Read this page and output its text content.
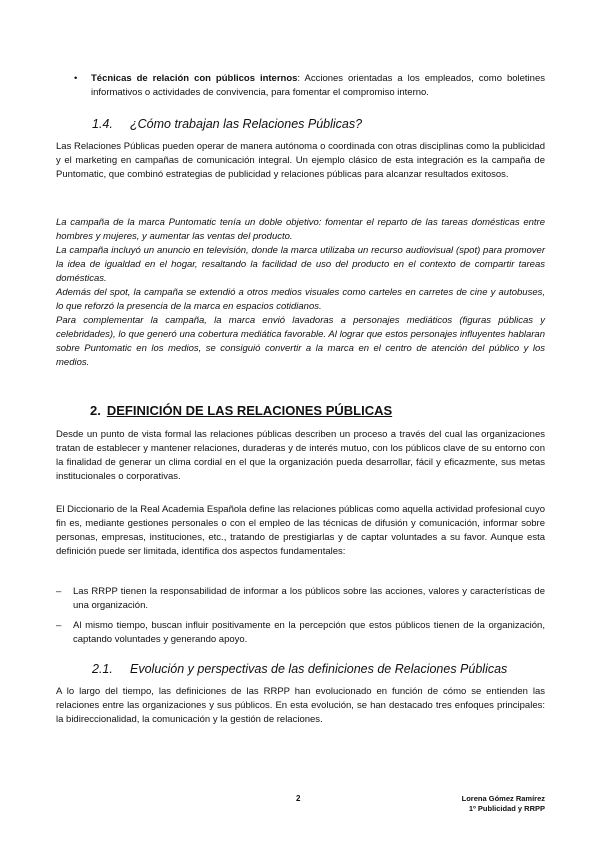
• Técnicas de relación con públicos internos: Acciones orientadas a los empleados, como boletines informativos o actividades de convivencia, para fomentar el compromiso interno.
1.4. ¿Cómo trabajan las Relaciones Públicas?

Las Relaciones Públicas pueden operar de manera autónoma o coordinada con otras disciplinas como la publicidad y el marketing en campañas de comunicación integral. Un ejemplo clásico de esta integración es la campaña de Puntomatic, que combinó estrategias de publicidad y relaciones públicas para alcanzar resultados exitosos.

La campaña de la marca Puntomatic tenía un doble objetivo: fomentar el reparto de las tareas domésticas entre hombres y mujeres, y aumentar las ventas del producto.

La campaña incluyó un anuncio en televisión, donde la marca utilizaba un recurso audiovisual (spot) para promover la idea de igualdad en el hogar, resaltando la facilidad de uso del producto en el contexto de compartir tareas domésticas.

Además del spot, la campaña se extendió a otros medios visuales como carteles en carretes de cine y autobuses, lo que reforzó la presencia de la marca en espacios cotidianos.

Para complementar la campaña, la marca envió lavadoras a personajes mediáticos (figuras públicas y celebridades), lo que generó una cobertura mediática favorable. Al lograr que estos personajes influyentes hablaran sobre Puntomatic en los medios, se consiguió convertir a la marca en el centro de atención del público y los medios.

2. DEFINICIÓN DE LAS RELACIONES PÚBLICAS

Desde un punto de vista formal las relaciones públicas describen un proceso a través del cual las organizaciones tratan de establecer y mantener relaciones, duraderas y de interés mutuo, con los públicos clave de su entorno con la finalidad de generar un clima cordial en el que la organización pueda desarrollar, fácil y eficazmente, sus metas institucionales o corporativas.

El Diccionario de la Real Academia Española define las relaciones públicas como aquella actividad profesional cuyo fin es, mediante gestiones personales o con el empleo de las técnicas de difusión y comunicación, informar sobre personas, empresas, instituciones, etc., tratando de prestigiarlas y de captar voluntades a su favor. Aunque esta definición puede ser limitada, identifica dos aspectos fundamentales:

– Las RRPP tienen la responsabilidad de informar a los públicos sobre las acciones, valores y características de una organización.
– Al mismo tiempo, buscan influir positivamente en la percepción que estos públicos tienen de la organización, captando voluntades y generando apoyo.
2.1. Evolución y perspectivas de las definiciones de Relaciones Públicas

A lo largo del tiempo, las definiciones de las RRPP han evolucionado en función de cómo se entienden las relaciones entre las organizaciones y sus públicos. En esta evolución, se han destacado tres enfoques principales: la bidireccionalidad, la comunicación y la gestión de relaciones.

2	Lorena Gómez Ramírez
1º Publicidad y RRPP
